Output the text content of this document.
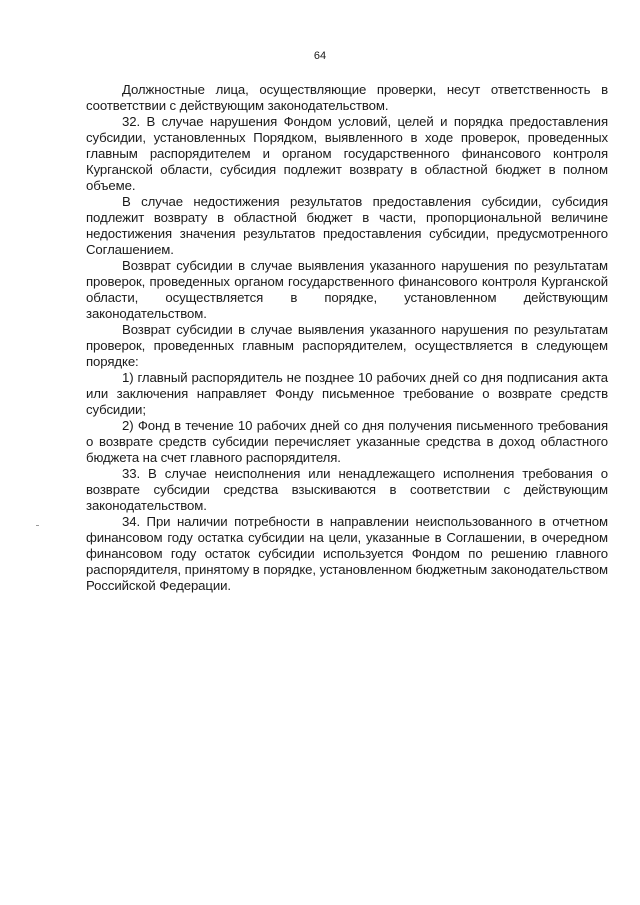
64

Должностные лица, осуществляющие проверки, несут ответственность в соответствии с действующим законодательством.

32. В случае нарушения Фондом условий, целей и порядка предоставления субсидии, установленных Порядком, выявленного в ходе проверок, проведенных главным распорядителем и органом государственного финансового контроля Курганской области, субсидия подлежит возврату в областной бюджет в полном объеме.

В случае недостижения результатов предоставления субсидии, субсидия подлежит возврату в областной бюджет в части, пропорциональной величине недостижения значения результатов предоставления субсидии, предусмотренного Соглашением.

Возврат субсидии в случае выявления указанного нарушения по результатам проверок, проведенных органом государственного финансового контроля Курганской области, осуществляется в порядке, установленном действующим законодательством.

Возврат субсидии в случае выявления указанного нарушения по результатам проверок, проведенных главным распорядителем, осуществляется в следующем порядке:

1) главный распорядитель не позднее 10 рабочих дней со дня подписания акта или заключения направляет Фонду письменное требование о возврате средств субсидии;

2) Фонд в течение 10 рабочих дней со дня получения письменного требования о возврате средств субсидии перечисляет указанные средства в доход областного бюджета на счет главного распорядителя.

33. В случае неисполнения или ненадлежащего исполнения требования о возврате субсидии средства взыскиваются в соответствии с действующим законодательством.

34. При наличии потребности в направлении неиспользованного в отчетном финансовом году остатка субсидии на цели, указанные в Соглашении, в очередном финансовом году остаток субсидии используется Фондом по решению главного распорядителя, принятому в порядке, установленном бюджетным законодательством Российской Федерации.
